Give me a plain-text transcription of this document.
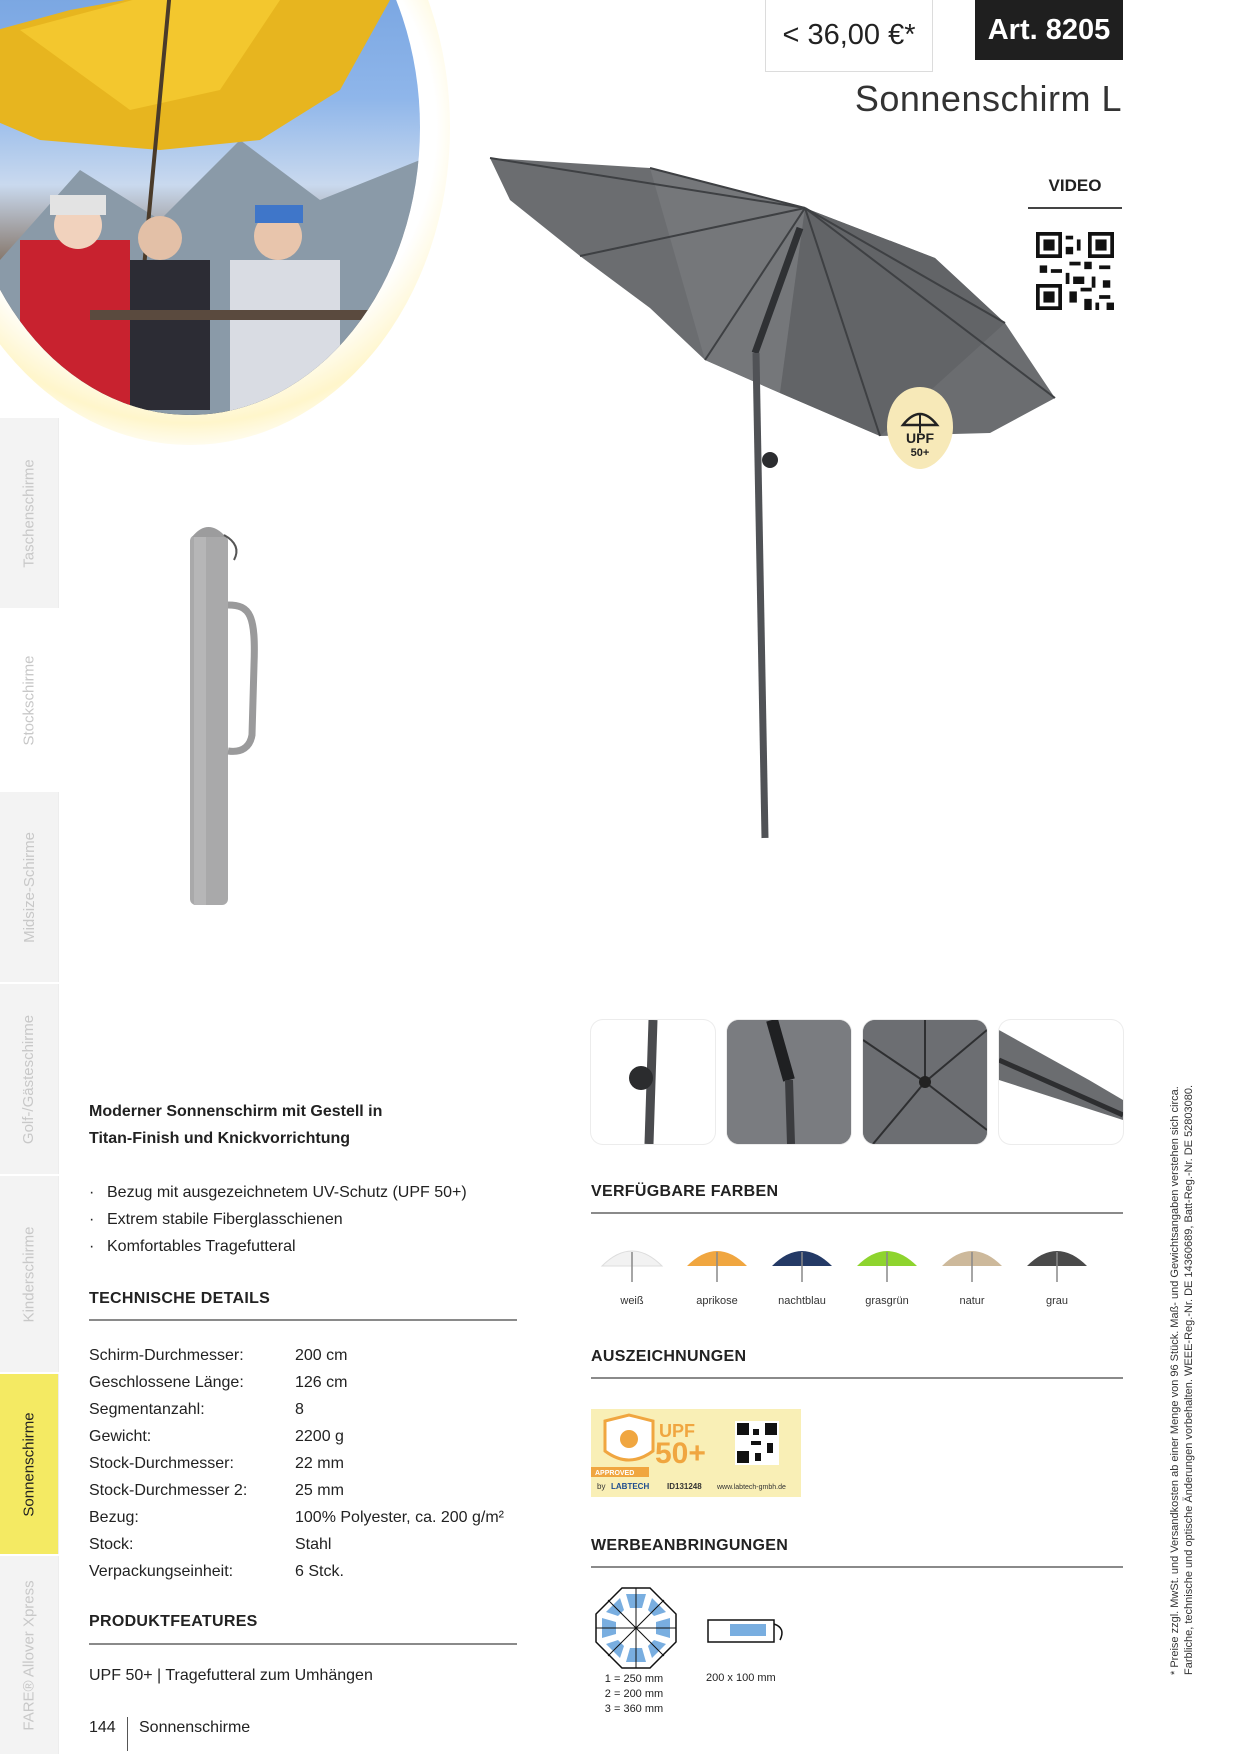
Taschenschirme
Stockschirme
Midsize-Schirme
Golf-/Gästeschirme
Kinderschirme
Sonnenschirme
FARE® Allover Xpress
< 36,00 €*	Art. 8205
Sonnenschirm L
VIDEO
UPF
50+
Moderner Sonnenschirm mit Gestell in
Titan-Finish und Knickvorrichtung
· Bezug mit ausgezeichnetem UV-Schutz (UPF 50+)
· Extrem stabile Fiberglasschienen
· Komfortables Tragefutteral
TECHNISCHE DETAILS
Schirm-Durchmesser:	200 cm
Geschlossene Länge:	126 cm
Segmentanzahl:	8
Gewicht:	2200 g
Stock-Durchmesser:	22 mm
Stock-Durchmesser 2:	25 mm
Bezug:	100% Polyester, ca. 200 g/m²
Stock:	Stahl
Verpackungseinheit:	6 Stck.
PRODUKTFEATURES
UPF 50+ | Tragefutteral zum Umhängen
144 Sonnenschirme
VERFÜGBARE FARBEN
weiß	aprikose	nachtblau	grasgrün	natur	grau
AUSZEICHNUNGEN
UPF
50+
APPROVED
by LABTECH ID131248 www.labtech-gmbh.de
WERBEANBRINGUNGEN
1 = 250 mm
2 = 200 mm
3 = 360 mm
200 x 100 mm
* Preise zzgl. MwSt. und Versandkosten ab einer Menge von 96 Stück. Maß- und Gewichtsangaben verstehen sich circa. Farbliche, technische und optische Änderungen vorbehalten. WEEE-Reg.-Nr. DE 14360689, Batt-Reg.-Nr. DE 52803080.
